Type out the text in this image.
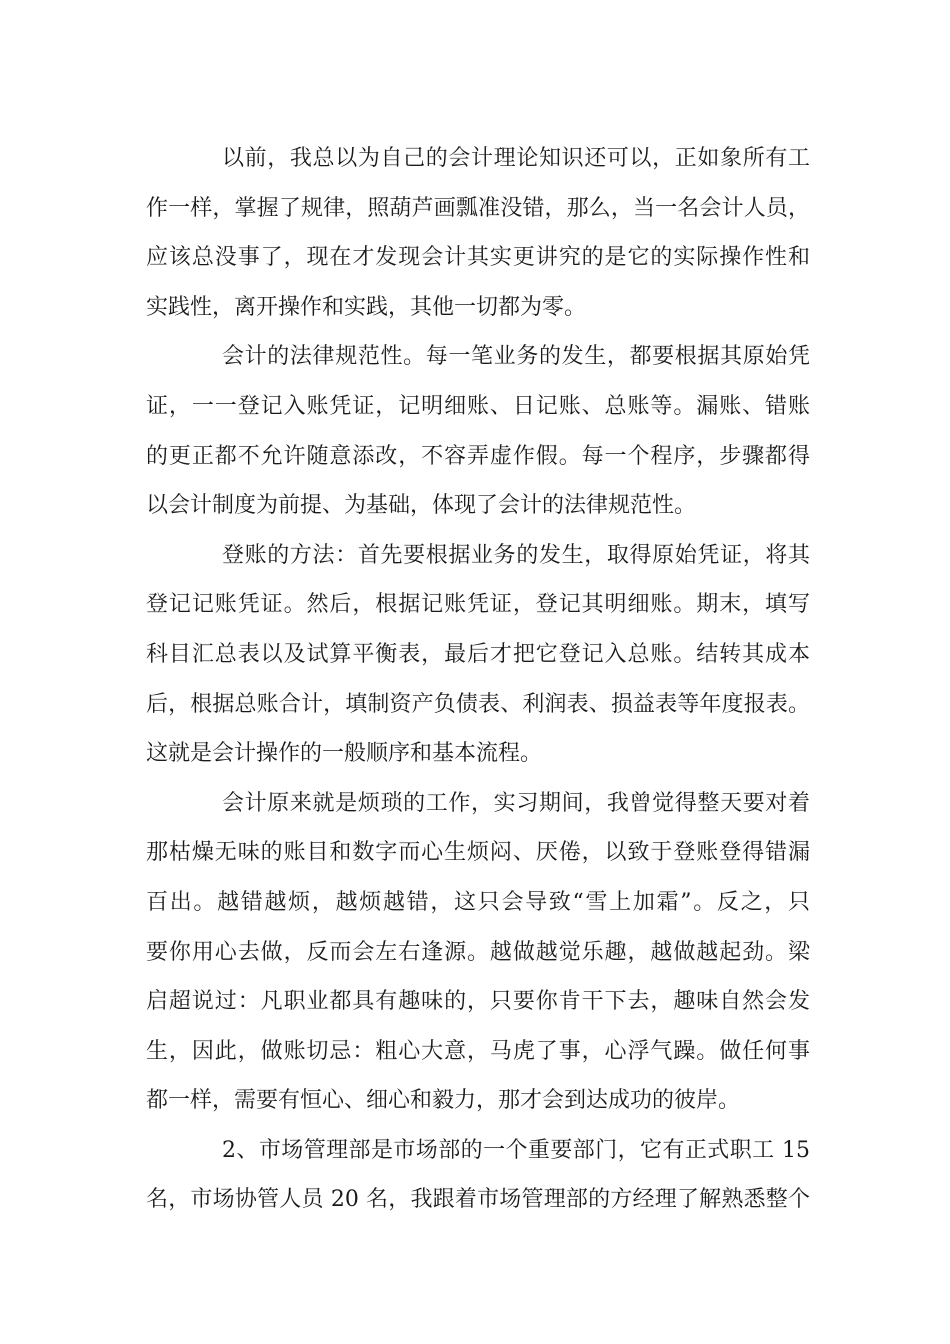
以前，我总以为自己的会计理论知识还可以，正如象所有工
作一样，掌握了规律，照葫芦画瓢准没错，那么，当一名会计人员，
应该总没事了，现在才发现会计其实更讲究的是它的实际操作性和
实践性，离开操作和实践，其他一切都为零。
会计的法律规范性。每一笔业务的发生，都要根据其原始凭
证，一一登记入账凭证，记明细账、日记账、总账等。漏账、错账
的更正都不允许随意添改，不容弄虚作假。每一个程序，步骤都得
以会计制度为前提、为基础，体现了会计的法律规范性。
登账的方法：首先要根据业务的发生，取得原始凭证，将其
登记记账凭证。然后，根据记账凭证，登记其明细账。期末，填写
科目汇总表以及试算平衡表，最后才把它登记入总账。结转其成本
后，根据总账合计，填制资产负债表、利润表、损益表等年度报表。
这就是会计操作的一般顺序和基本流程。
会计原来就是烦琐的工作，实习期间，我曾觉得整天要对着
那枯燥无味的账目和数字而心生烦闷、厌倦，以致于登账登得错漏
百出。越错越烦，越烦越错，这只会导致“雪上加霜”。反之，只
要你用心去做，反而会左右逢源。越做越觉乐趣，越做越起劲。梁
启超说过：凡职业都具有趣味的，只要你肯干下去，趣味自然会发
生，因此，做账切忌：粗心大意，马虎了事，心浮气躁。做任何事
都一样，需要有恒心、细心和毅力，那才会到达成功的彼岸。
2、市场管理部是市场部的一个重要部门，它有正式职工 15
名，市场协管人员 20 名，我跟着市场管理部的方经理了解熟悉整个
